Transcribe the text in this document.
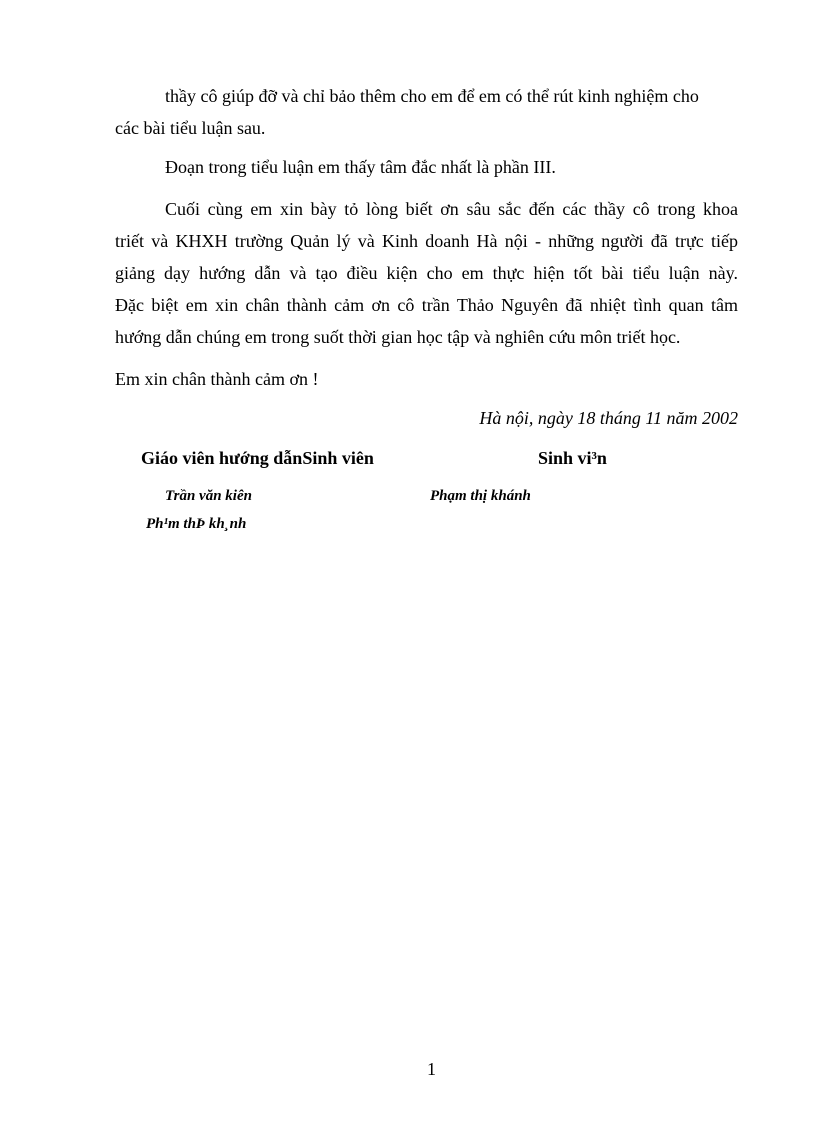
thầy cô giúp đỡ và chỉ bảo thêm cho em để em có thể rút kinh nghiệm cho
các bài tiểu luận sau.
Đoạn trong tiểu luận em thấy tâm đắc nhất là phần III.
Cuối cùng em xin bày tỏ lòng biết ơn sâu sắc đến các thầy cô trong khoa
triết và KHXH trường Quản lý và Kinh doanh Hà nội - những người đã trực tiếp
giảng dạy hướng dẫn và tạo điều kiện cho em thực hiện tốt bài tiểu luận này.
Đặc biệt em xin chân thành cảm ơn cô trần Thảo Nguyên đã nhiệt tình quan tâm
hướng dẫn chúng em trong suốt thời gian học tập và nghiên cứu môn triết học.
Em xin chân thành cảm ơn !
Hà nội, ngày 18 tháng 11 năm 2002
Giáo viên hướng dẫnSinh viên	Sinh vi³n
Trần văn kiên	Phạm thị khánh
Ph¹m thÞ kh¸nh
1
